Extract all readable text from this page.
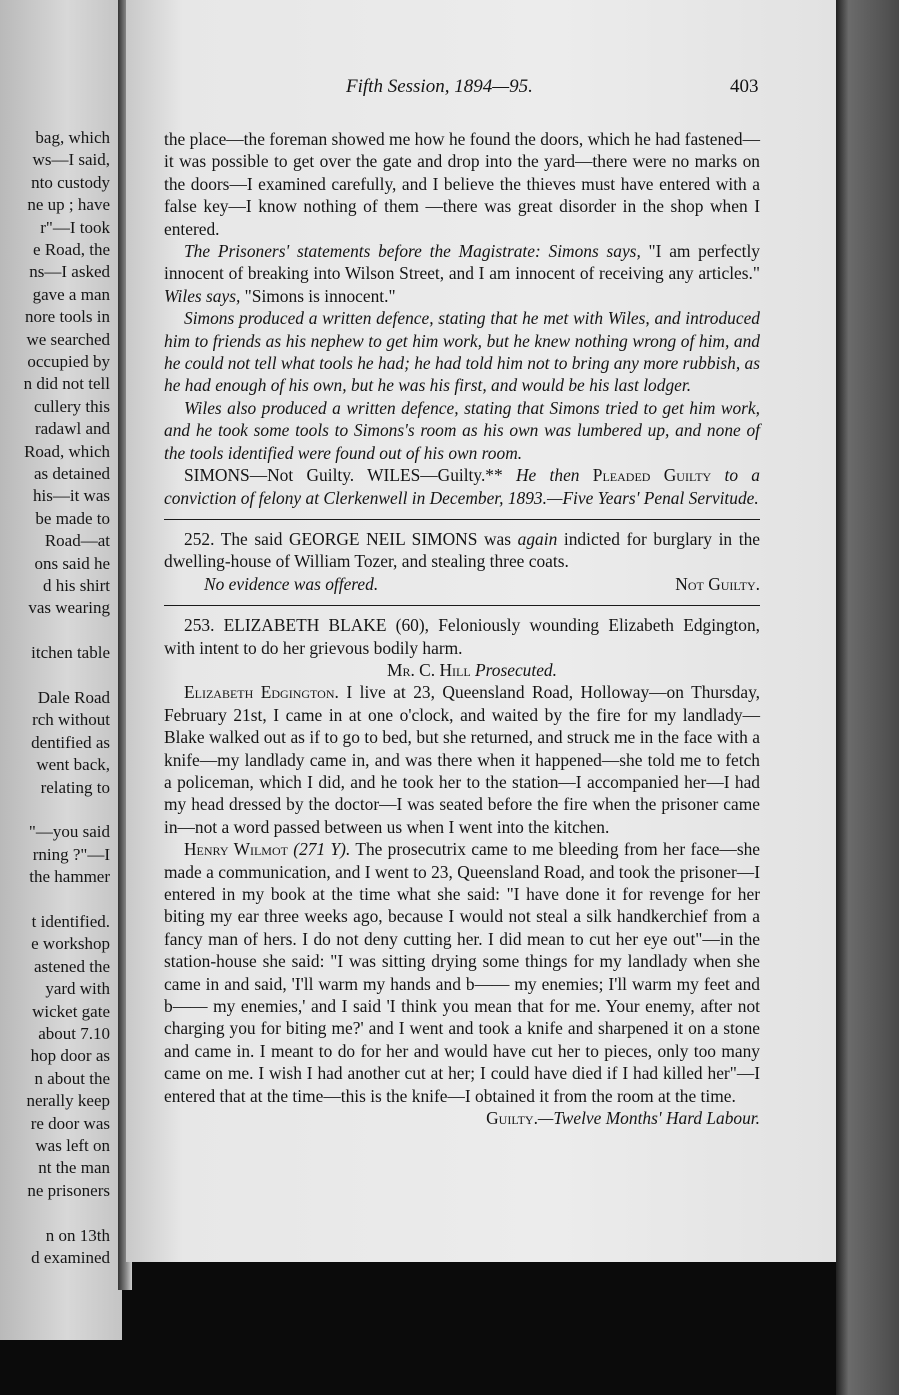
bag, which
ws—I said,
nto custody
ne up ; have
r"—I took
e Road, the
ns—I asked
gave a man
nore tools in
we searched
occupied by
n did not tell
cullery this
radawl and
Road, which
as detained
his—it was
be made to
Road—at
ons said he
d his shirt
vas wearing
itchen table
Dale Road
rch without
dentified as
went back,
relating to
"—you said
rning ?"—I
the hammer
t identified.
e workshop
astened the
yard with
wicket gate
about 7.10
hop door as
n about the
nerally keep
re door was
was left on
nt the man
ne prisoners
n on 13th
d examined
Fifth Session, 1894—95.	403

the place—the foreman showed me how he found the doors, which he had fastened—it was possible to get over the gate and drop into the yard—there were no marks on the doors—I examined carefully, and I believe the thieves must have entered with a false key—I know nothing of them —there was great disorder in the shop when I entered.

The Prisoners' statements before the Magistrate: Simons says, "I am perfectly innocent of breaking into Wilson Street, and I am innocent of receiving any articles." Wiles says, "Simons is innocent."

Simons produced a written defence, stating that he met with Wiles, and introduced him to friends as his nephew to get him work, but he knew nothing wrong of him, and he could not tell what tools he had; he had told him not to bring any more rubbish, as he had enough of his own, but he was his first, and would be his last lodger.

Wiles also produced a written defence, stating that Simons tried to get him work, and he took some tools to Simons's room as his own was lumbered up, and none of the tools identified were found out of his own room.

SIMONS—Not Guilty. WILES—Guilty.** He then Pleaded Guilty to a conviction of felony at Clerkenwell in December, 1893.—Five Years' Penal Servitude.

252. The said GEORGE NEIL SIMONS was again indicted for burglary in the dwelling-house of William Tozer, and stealing three coats.

No evidence was offered.	Not Guilty.

253. ELIZABETH BLAKE (60), Feloniously wounding Elizabeth Edgington, with intent to do her grievous bodily harm.

Mr. C. Hill Prosecuted.

Elizabeth Edgington. I live at 23, Queensland Road, Holloway—on Thursday, February 21st, I came in at one o'clock, and waited by the fire for my landlady—Blake walked out as if to go to bed, but she returned, and struck me in the face with a knife—my landlady came in, and was there when it happened—she told me to fetch a policeman, which I did, and he took her to the station—I accompanied her—I had my head dressed by the doctor—I was seated before the fire when the prisoner came in—not a word passed between us when I went into the kitchen.

Henry Wilmot (271 Y). The prosecutrix came to me bleeding from her face—she made a communication, and I went to 23, Queensland Road, and took the prisoner—I entered in my book at the time what she said: "I have done it for revenge for her biting my ear three weeks ago, because I would not steal a silk handkerchief from a fancy man of hers. I do not deny cutting her. I did mean to cut her eye out"—in the station-house she said: "I was sitting drying some things for my landlady when she came in and said, 'I'll warm my hands and b—— my enemies; I'll warm my feet and b—— my enemies,' and I said 'I think you mean that for me. Your enemy, after not charging you for biting me?' and I went and took a knife and sharpened it on a stone and came in. I meant to do for her and would have cut her to pieces, only too many came on me. I wish I had another cut at her; I could have died if I had killed her"—I entered that at the time—this is the knife—I obtained it from the room at the time.

Guilty.—Twelve Months' Hard Labour.
